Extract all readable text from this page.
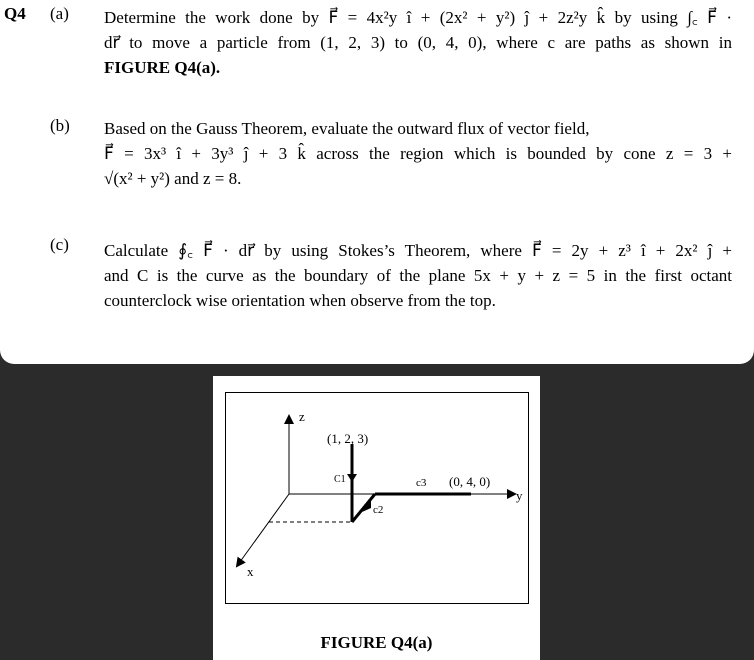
Q4 (a) Determine the work done by F⃗ = 4x²y î + (2x² + y²) ĵ + 2z²y k̂ by using ∫꜀ F⃗ ·
dr⃗ to move a particle from (1, 2, 3) to (0, 4, 0), where c are paths as shown in
FIGURE Q4(a).
(b) Based on the Gauss Theorem, evaluate the outward flux of vector field,
F⃗ = 3x³ î + 3y³ ĵ + 3 k̂ across the region which is bounded by cone z = 3 +
√(x² + y²) and z = 8.
(c) Calculate ∮꜀ F⃗ · dr⃗ by using Stokes’s Theorem, where F⃗ = 2y + z³ î + 2x² ĵ +
and C is the curve as the boundary of the plane 5x + y + z = 5 in the first octant
counterclock wise orientation when observe from the top.
z
y
x
(1, 2, 3)
(0, 4, 0)
C1
c2
c3
FIGURE Q4(a)
